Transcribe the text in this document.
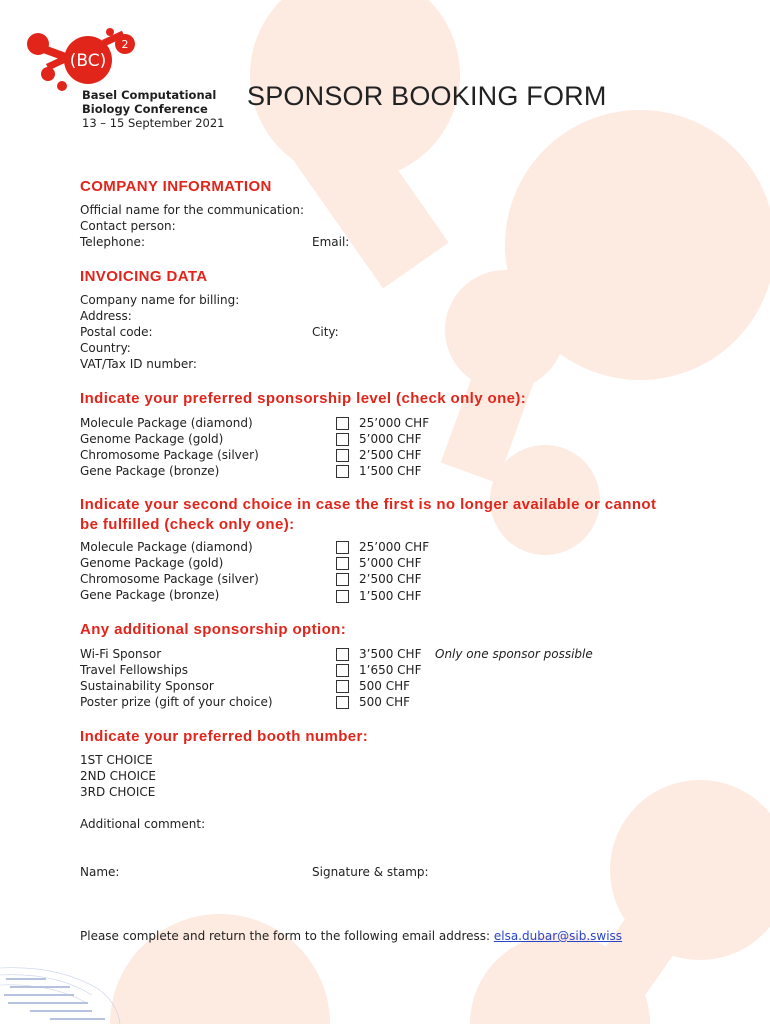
(BC)
2
Basel Computational
Biology Conference
13 – 15 September 2021
SPONSOR BOOKING FORM
COMPANY INFORMATION
Official name for the communication:
Contact person:
Telephone:	Email:
INVOICING DATA
Company name for billing:
Address:
Postal code:	City:
Country:
VAT/Tax ID number:
Indicate your preferred sponsorship level (check only one):
Molecule Package (diamond)	25’000 CHF
Genome Package (gold)	5’000 CHF
Chromosome Package (silver)	2’500 CHF
Gene Package (bronze)	1’500 CHF
Indicate your second choice in case the first is no longer available or cannot
be fulfilled (check only one):
Molecule Package (diamond)	25’000 CHF
Genome Package (gold)	5’000 CHF
Chromosome Package (silver)	2’500 CHF
Gene Package (bronze)	1’500 CHF
Any additional sponsorship option:
Wi-Fi Sponsor	3’500 CHF Only one sponsor possible
Travel Fellowships	1’650 CHF
Sustainability Sponsor	500 CHF
Poster prize (gift of your choice)	500 CHF
Indicate your preferred booth number:
1ST CHOICE
2ND CHOICE
3RD CHOICE
Additional comment:
Name:	Signature & stamp:
Please complete and return the form to the following email address: elsa.dubar@sib.swiss
